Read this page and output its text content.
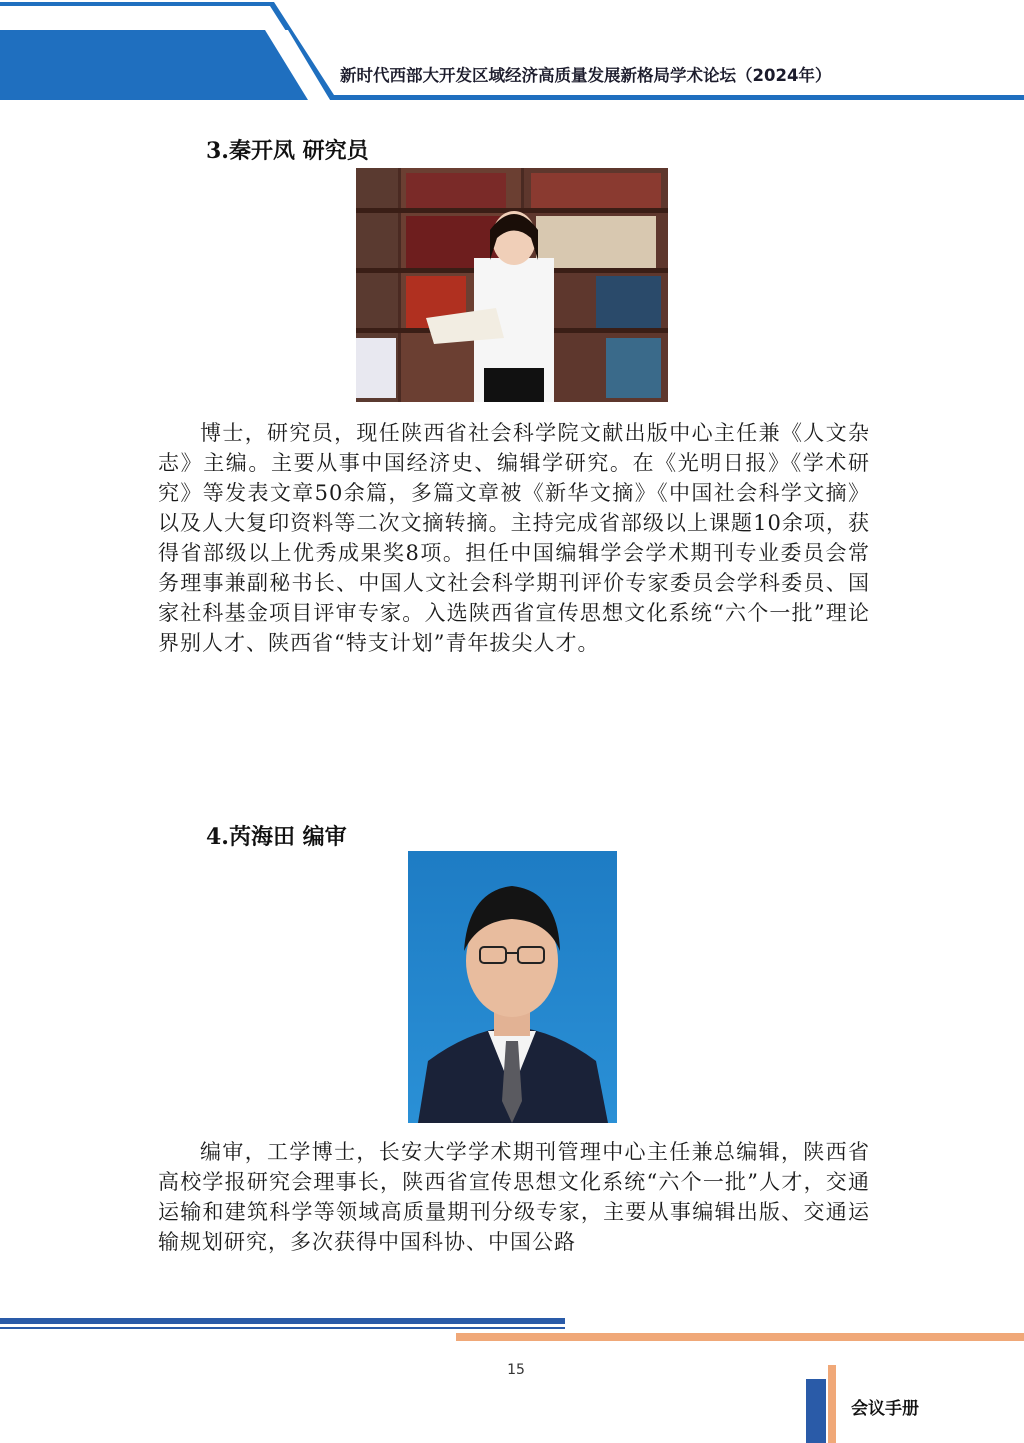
新时代西部大开发区域经济高质量发展新格局学术论坛（2024年）
3.秦开凤 研究员

博士，研究员，现任陕西省社会科学院文献出版中心主任兼《人文杂志》主编。主要从事中国经济史、编辑学研究。在《光明日报》《学术研究》等发表文章50余篇，多篇文章被《新华文摘》《中国社会科学文摘》以及人大复印资料等二次文摘转摘。主持完成省部级以上课题10余项，获得省部级以上优秀成果奖8项。担任中国编辑学会学术期刊专业委员会常务理事兼副秘书长、中国人文社会科学期刊评价专家委员会学科委员、国家社科基金项目评审专家。入选陕西省宣传思想文化系统“六个一批”理论界别人才、陕西省“特支计划”青年拔尖人才。

4.芮海田 编审

编审，工学博士，长安大学学术期刊管理中心主任兼总编辑，陕西省高校学报研究会理事长，陕西省宣传思想文化系统“六个一批”人才，交通运输和建筑科学等领域高质量期刊分级专家，主要从事编辑出版、交通运输规划研究，多次获得中国科协、中国公路

15
会议手册
